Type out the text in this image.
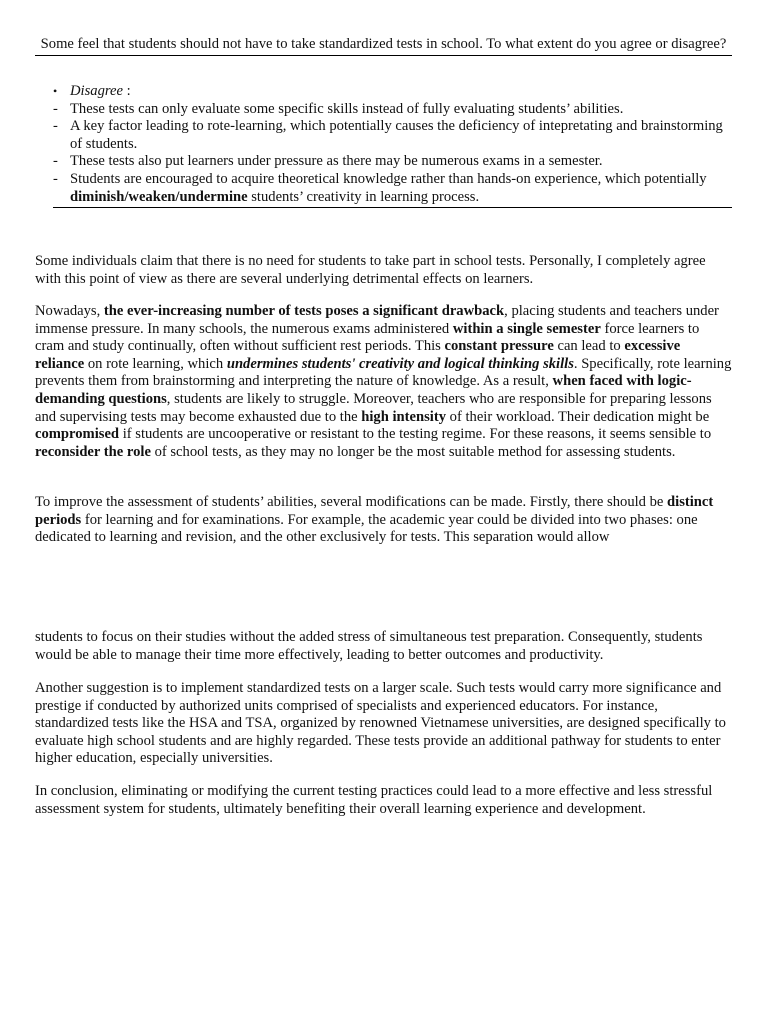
Some feel that students should not have to take standardized tests in school. To what extent do you agree or disagree?
• Disagree :
- These tests can only evaluate some specific skills instead of fully evaluating students’ abilities.
- A key factor leading to rote-learning, which potentially causes the deficiency of intepretating and brainstorming of students.
- These tests also put learners under pressure as there may be numerous exams in a semester.
- Students are encouraged to acquire theoretical knowledge rather than hands-on experience, which potentially diminish/weaken/undermine students’ creativity in learning process.

Some individuals claim that there is no need for students to take part in school tests. Personally, I completely agree with this point of view as there are several underlying detrimental effects on learners.

Nowadays, the ever-increasing number of tests poses a significant drawback, placing students and teachers under immense pressure. In many schools, the numerous exams administered within a single semester force learners to cram and study continually, often without sufficient rest periods. This constant pressure can lead to excessive reliance on rote learning, which undermines students' creativity and logical thinking skills. Specifically, rote learning prevents them from brainstorming and interpreting the nature of knowledge. As a result, when faced with logic-demanding questions, students are likely to struggle. Moreover, teachers who are responsible for preparing lessons and supervising tests may become exhausted due to the high intensity of their workload. Their dedication might be compromised if students are uncooperative or resistant to the testing regime. For these reasons, it seems sensible to reconsider the role of school tests, as they may no longer be the most suitable method for assessing students.

To improve the assessment of students’ abilities, several modifications can be made. Firstly, there should be distinct periods for learning and for examinations. For example, the academic year could be divided into two phases: one dedicated to learning and revision, and the other exclusively for tests. This separation would allow

students to focus on their studies without the added stress of simultaneous test preparation. Consequently, students would be able to manage their time more effectively, leading to better outcomes and productivity.

Another suggestion is to implement standardized tests on a larger scale. Such tests would carry more significance and prestige if conducted by authorized units comprised of specialists and experienced educators. For instance, standardized tests like the HSA and TSA, organized by renowned Vietnamese universities, are designed specifically to evaluate high school students and are highly regarded. These tests provide an additional pathway for students to enter higher education, especially universities.

In conclusion, eliminating or modifying the current testing practices could lead to a more effective and less stressful assessment system for students, ultimately benefiting their overall learning experience and development.
